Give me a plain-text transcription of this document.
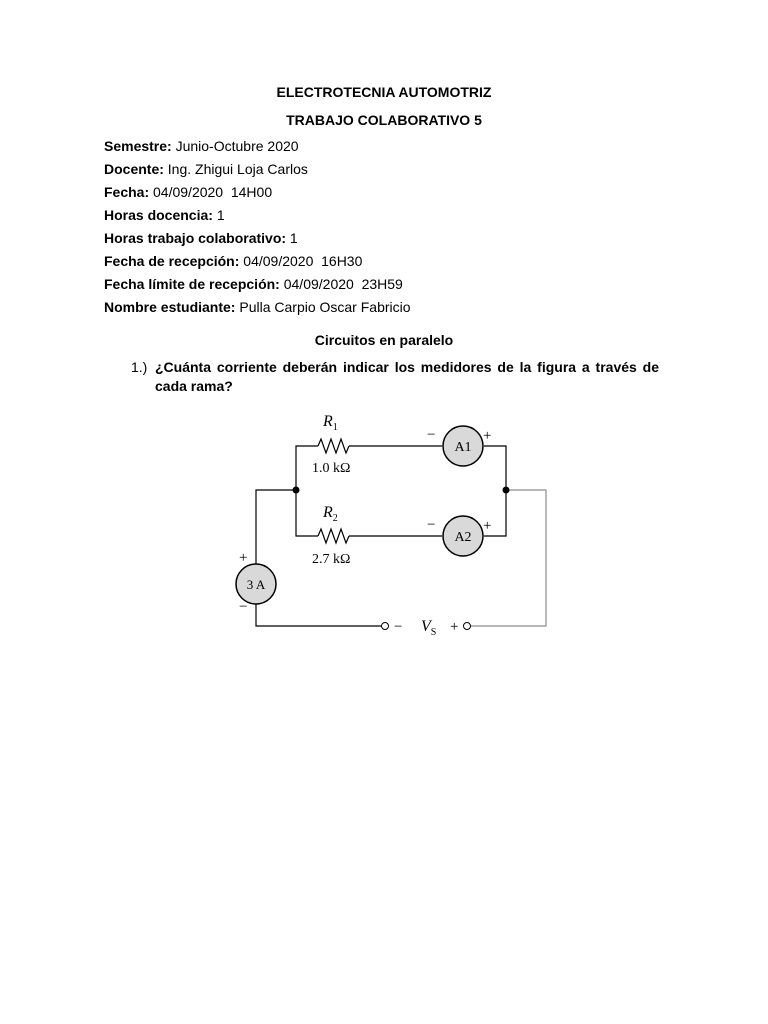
ELECTROTECNIA AUTOMOTRIZ
TRABAJO COLABORATIVO 5
Semestre: Junio-Octubre 2020
Docente: Ing. Zhigui Loja Carlos
Fecha: 04/09/2020  14H00
Horas docencia: 1
Horas trabajo colaborativo: 1
Fecha de recepción: 04/09/2020  16H30
Fecha límite de recepción: 04/09/2020  23H59
Nombre estudiante: Pulla Carpio Oscar Fabricio
Circuitos en paralelo
1.) ¿Cuánta corriente deberán indicar los medidores de la figura a través de cada rama?
$R_1$
1.0 kΩ
$R_2$
2.7 kΩ
A1
A2
3 A
−	+
−	+
+
−
− $V_S$ +
